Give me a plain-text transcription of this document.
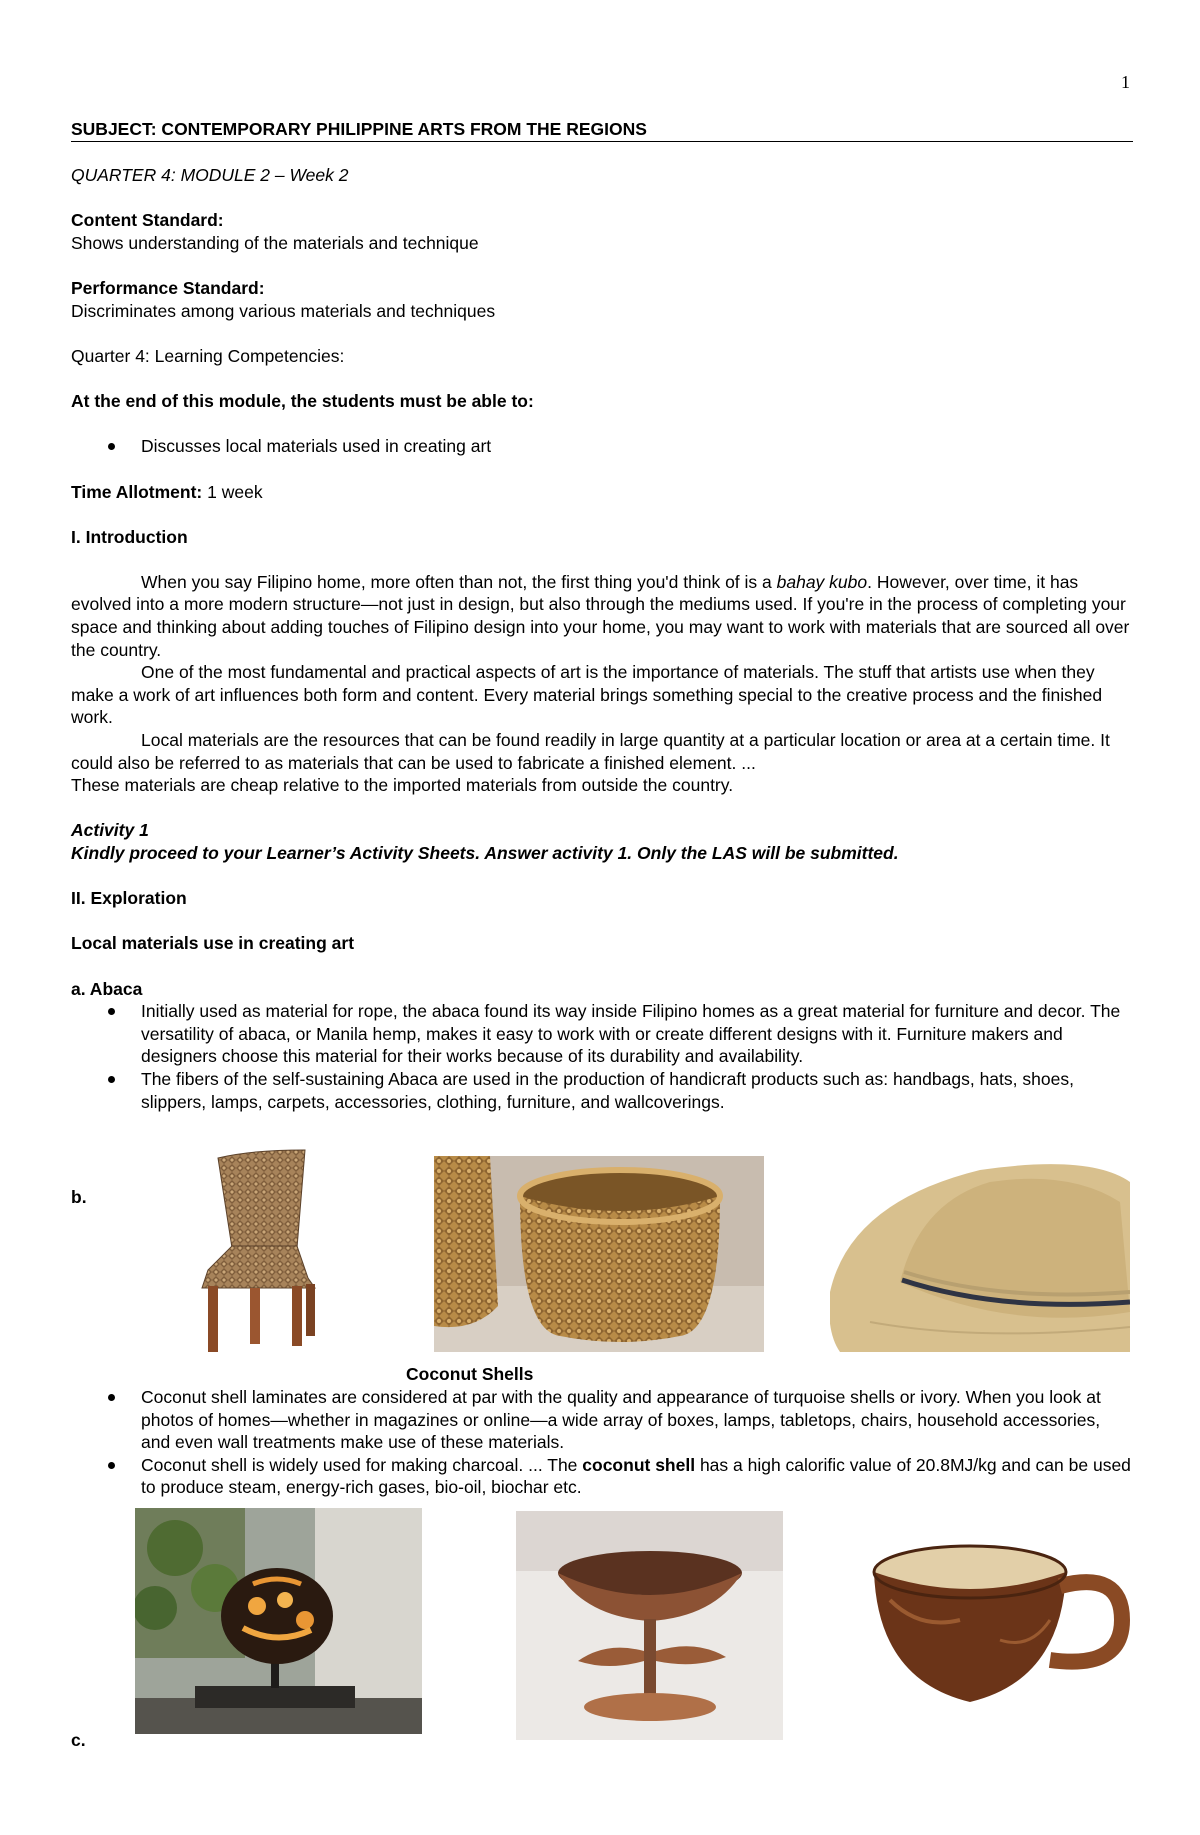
1
SUBJECT: CONTEMPORARY PHILIPPINE ARTS FROM THE REGIONS
QUARTER 4: MODULE 2 – Week 2
Content Standard:
Shows understanding of the materials and technique
Performance Standard:
Discriminates among various materials and techniques
Quarter 4: Learning Competencies:
At the end of this module, the students must be able to:
Discusses local materials used in creating art
Time Allotment: 1 week
I. Introduction
When you say Filipino home, more often than not, the first thing you'd think of is a bahay kubo. However, over time, it has evolved into a more modern structure—not just in design, but also through the mediums used. If you're in the process of completing your space and thinking about adding touches of Filipino design into your home, you may want to work with materials that are sourced all over the country.
One of the most fundamental and practical aspects of art is the importance of materials. The stuff that artists use when they make a work of art influences both form and content. Every material brings something special to the creative process and the finished work.
Local materials are the resources that can be found readily in large quantity at a particular location or area at a certain time. It could also be referred to as materials that can be used to fabricate a finished element. ...
These materials are cheap relative to the imported materials from outside the country.
Activity 1
Kindly proceed to your Learner’s Activity Sheets. Answer activity 1. Only the LAS will be submitted.
II. Exploration
Local materials use in creating art
a. Abaca
Initially used as material for rope, the abaca found its way inside Filipino homes as a great material for furniture and decor. The versatility of abaca, or Manila hemp, makes it easy to work with or create different designs with it. Furniture makers and designers choose this material for their works because of its durability and availability.
The fibers of the self-sustaining Abaca are used in the production of handicraft products such as: handbags, hats, shoes, slippers, lamps, carpets, accessories, clothing, furniture, and wallcoverings.
b.
Coconut Shells
Coconut shell laminates are considered at par with the quality and appearance of turquoise shells or ivory. When you look at photos of homes—whether in magazines or online—a wide array of boxes, lamps, tabletops, chairs, household accessories, and even wall treatments make use of these materials.
Coconut shell is widely used for making charcoal. ... The coconut shell has a high calorific value of 20.8MJ/kg and can be used to produce steam, energy-rich gases, bio-oil, biochar etc.
c.
